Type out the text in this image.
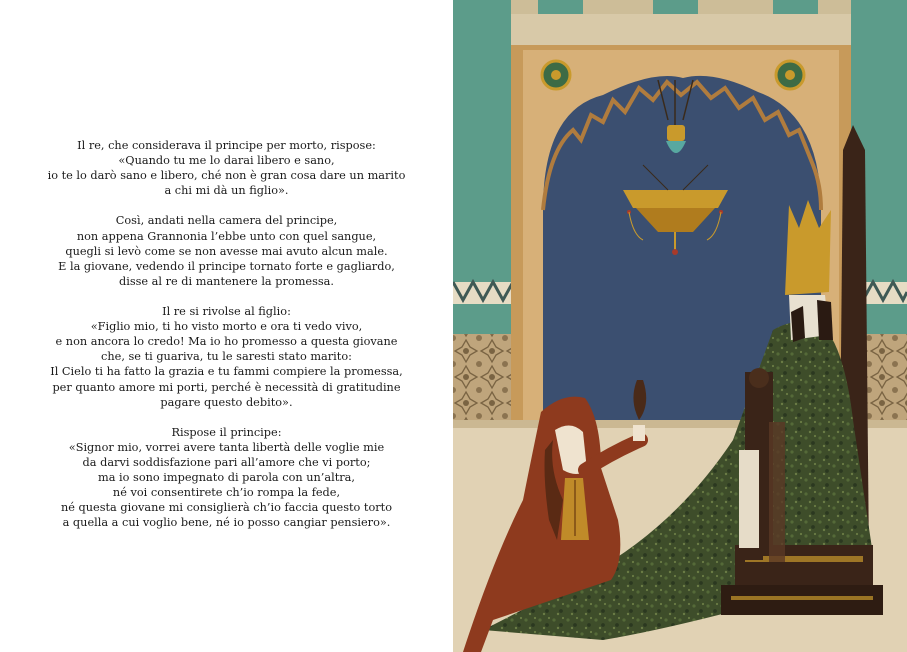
Il re, che considerava il principe per morto, rispose:
«Quando tu me lo darai libero e sano,
io te lo darò sano e libero, ché non è gran cosa dare un marito
a chi mi dà un figlio».

Così, andati nella camera del principe,
non appena Grannonia l’ebbe unto con quel sangue,
quegli si levò come se non avesse mai avuto alcun male.
E la giovane, vedendo il principe tornato forte e gagliardo,
disse al re di mantenere la promessa.

Il re si rivolse al figlio:
«Figlio mio, ti ho visto morto e ora ti vedo vivo,
e non ancora lo credo! Ma io ho promesso a questa giovane
che, se ti guariva, tu le saresti stato marito:
Il Cielo ti ha fatto la grazia e tu fammi compiere la promessa,
per quanto amore mi porti, perché è necessità di gratitudine
pagare questo debito».

Rispose il principe:
«Signor mio, vorrei avere tanta libertà delle voglie mie
da darvi soddisfazione pari all’amore che vi porto;
ma io sono impegnato di parola con un’altra,
né voi consentirete ch’io rompa la fede,
né questa giovane mi consiglierà ch’io faccia questo torto
a quella a cui voglio bene, né io posso cangiar pensiero».
